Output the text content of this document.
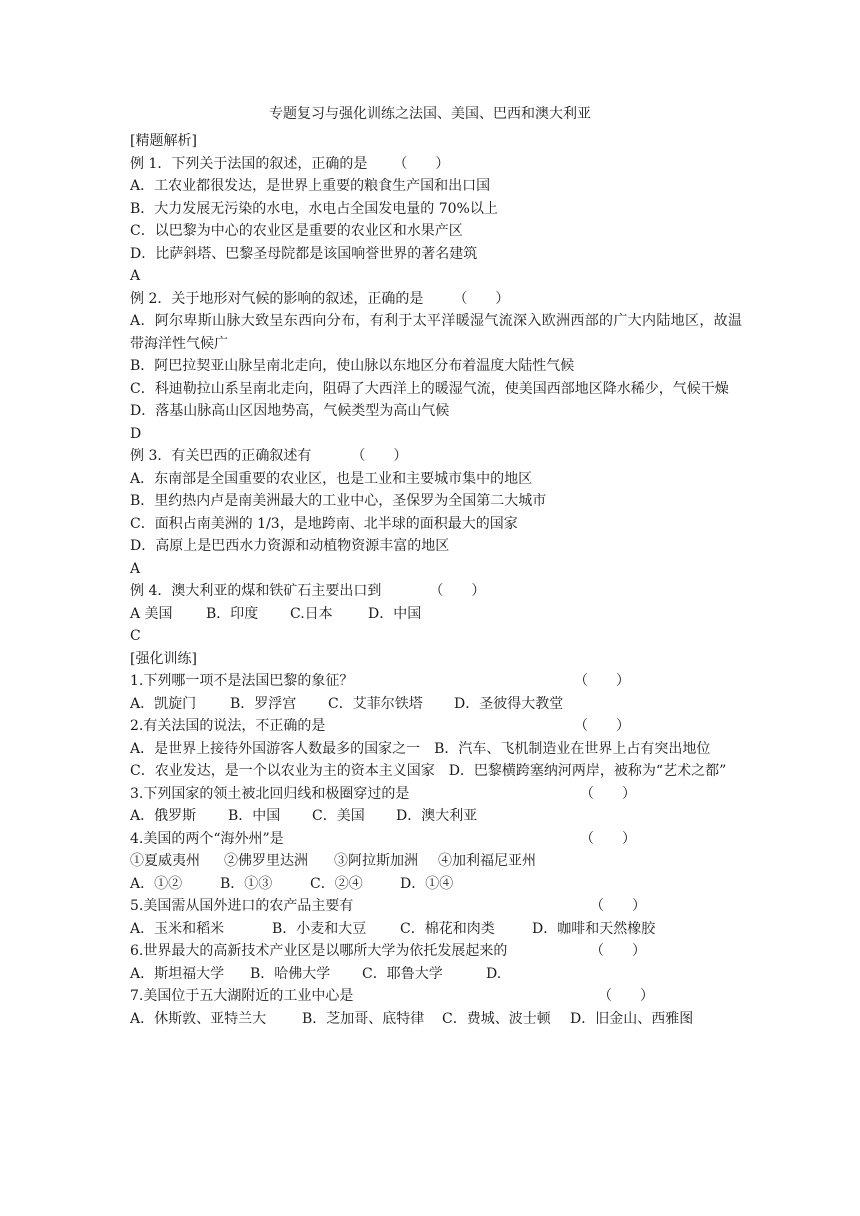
专题复习与强化训练之法国、美国、巴西和澳大利亚
[精题解析]
例 1．下列关于法国的叙述，正确的是 （　　）
A．工农业都很发达，是世界上重要的粮食生产国和出口国
B．大力发展无污染的水电，水电占全国发电量的 70%以上
C．以巴黎为中心的农业区是重要的农业区和水果产区
D．比萨斜塔、巴黎圣母院都是该国响誉世界的著名建筑
A
例 2．关于地形对气候的影响的叙述，正确的是 （　　）
A．阿尔卑斯山脉大致呈东西向分布，有利于太平洋暖湿气流深入欧洲西部的广大内陆地区，故温带海洋性气候广
B．阿巴拉契亚山脉呈南北走向，使山脉以东地区分布着温度大陆性气候
C．科迪勒拉山系呈南北走向，阻碍了大西洋上的暖湿气流，使美国西部地区降水稀少，气候干燥
D．落基山脉高山区因地势高，气候类型为高山气候
D
例 3．有关巴西的正确叙述有	（　　）
A．东南部是全国重要的农业区，也是工业和主要城市集中的地区
B．里约热内卢是南美洲最大的工业中心，圣保罗为全国第二大城市
C．面积占南美洲的 1/3，是地跨南、北半球的面积最大的国家
D．高原上是巴西水力资源和动植物资源丰富的地区
A
例 4．澳大利亚的煤和铁矿石主要出口到	（　　）
A 美国	B．印度	C.日本	D．中国
C
[强化训练]
1.下列哪一项不是法国巴黎的象征？	（　　）
A．凯旋门	B．罗浮宫	C．艾菲尔铁塔	D．圣彼得大教堂
2.有关法国的说法，不正确的是	（　　）
A．是世界上接待外国游客人数最多的国家之一　B．汽车、飞机制造业在世界上占有突出地位
C．农业发达，是一个以农业为主的资本主义国家　D．巴黎横跨塞纳河两岸，被称为“艺术之都”
3.下列国家的领土被北回归线和极圈穿过的是	（　　）
A．俄罗斯	B．中国	C．美国	D．澳大利亚
4.美国的两个“海外州”是	（　　）
①夏威夷州	②佛罗里达洲	③阿拉斯加洲	④加利福尼亚州
A．①②	B．①③	C．②④	D．①④
5.美国需从国外进口的农产品主要有	（　　）
A．玉米和稻米	B．小麦和大豆	C．棉花和肉类	D．咖啡和天然橡胶
6.世界最大的高新技术产业区是以哪所大学为依托发展起来的	（　　）
A．斯坦福大学	B．哈佛大学	C．耶鲁大学	D.
7.美国位于五大湖附近的工业中心是	（　　）
A．休斯敦、亚特兰大	B．芝加哥、底特律	C．费城、波士顿	D．旧金山、西雅图
